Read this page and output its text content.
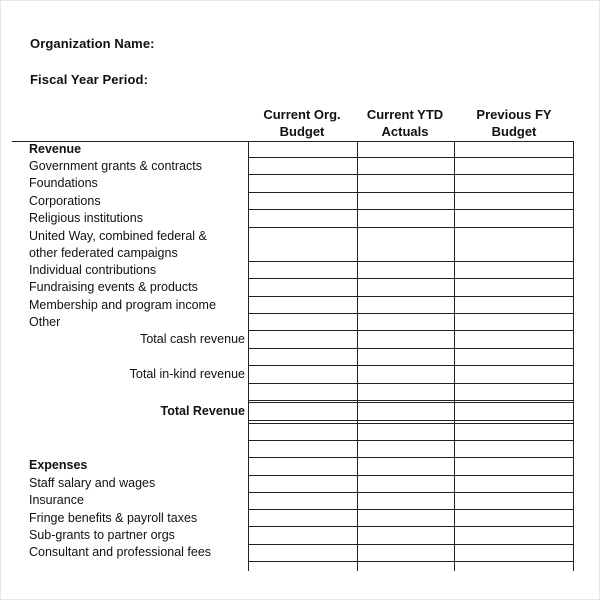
Organization Name:
Fiscal Year Period:
Current Org.
Budget
Current YTD
Actuals
Previous FY
Budget
Revenue
Government grants & contracts
Foundations
Corporations
Religious institutions
United Way, combined federal &
other federated campaigns
Individual contributions
Fundraising events & products
Membership and program income
Other
Total cash revenue
Total in-kind revenue
Total Revenue
Expenses
Staff salary and wages
Insurance
Fringe benefits & payroll taxes
Sub-grants to partner orgs
Consultant and professional fees
